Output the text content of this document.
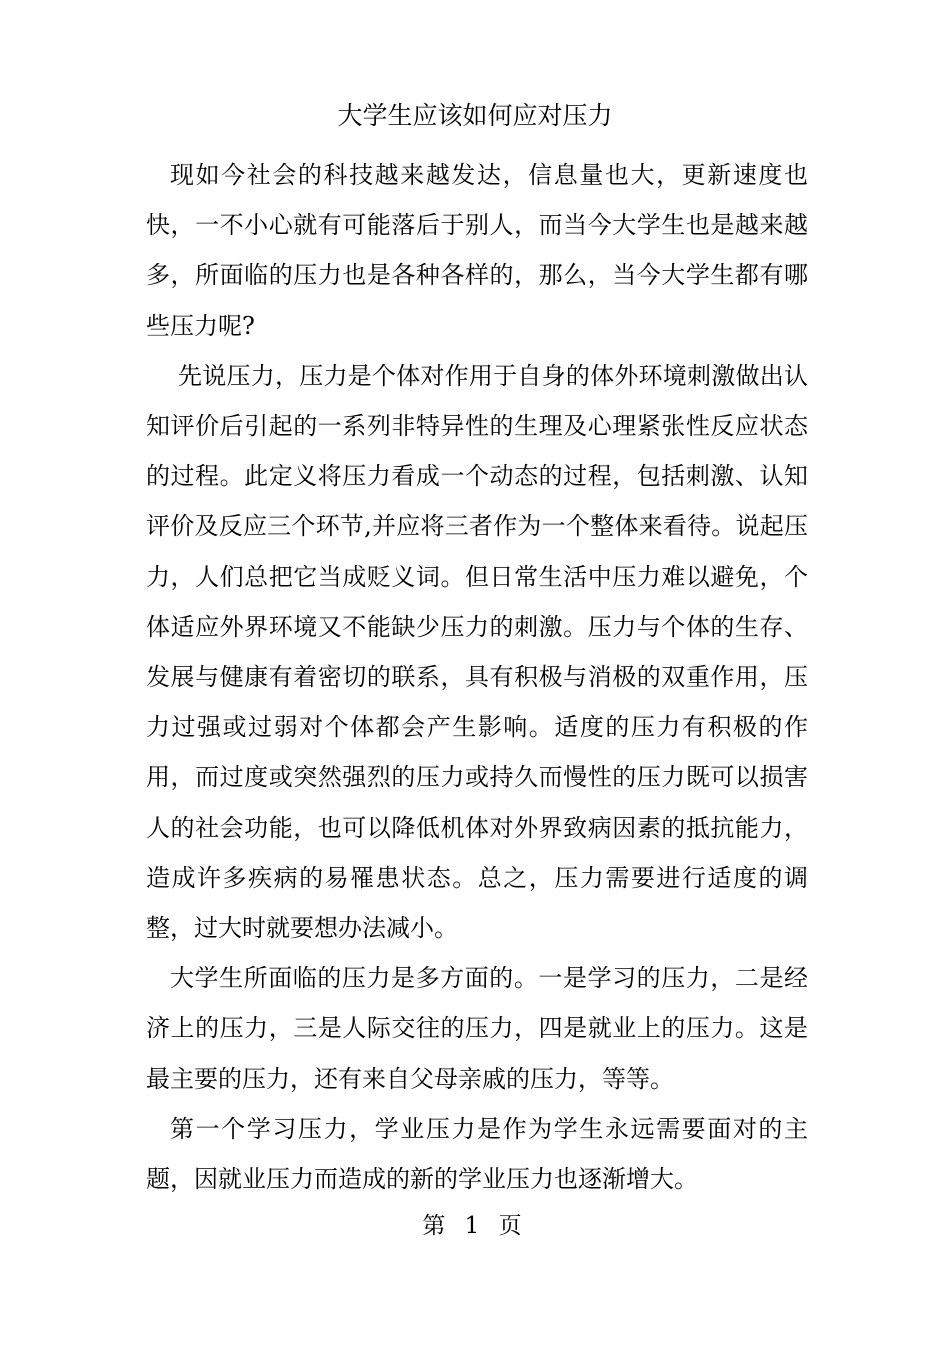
大学生应该如何应对压力

现如今社会的科技越来越发达，信息量也大，更新速度也快，一不小心就有可能落后于别人，而当今大学生也是越来越多，所面临的压力也是各种各样的，那么，当今大学生都有哪些压力呢?

先说压力，压力是个体对作用于自身的体外环境刺激做出认知评价后引起的一系列非特异性的生理及心理紧张性反应状态的过程。此定义将压力看成一个动态的过程，包括刺激、认知评价及反应三个环节,并应将三者作为一个整体来看待。说起压力，人们总把它当成贬义词。但日常生活中压力难以避免，个体适应外界环境又不能缺少压力的刺激。压力与个体的生存、发展与健康有着密切的联系，具有积极与消极的双重作用，压力过强或过弱对个体都会产生影响。适度的压力有积极的作用，而过度或突然强烈的压力或持久而慢性的压力既可以损害人的社会功能，也可以降低机体对外界致病因素的抵抗能力，造成许多疾病的易罹患状态。总之，压力需要进行适度的调整，过大时就要想办法减小。

大学生所面临的压力是多方面的。一是学习的压力，二是经济上的压力，三是人际交往的压力，四是就业上的压力。这是最主要的压力，还有来自父母亲戚的压力，等等。

第一个学习压力，学业压力是作为学生永远需要面对的主题，因就业压力而造成的新的学业压力也逐渐增大。

第 1 页
